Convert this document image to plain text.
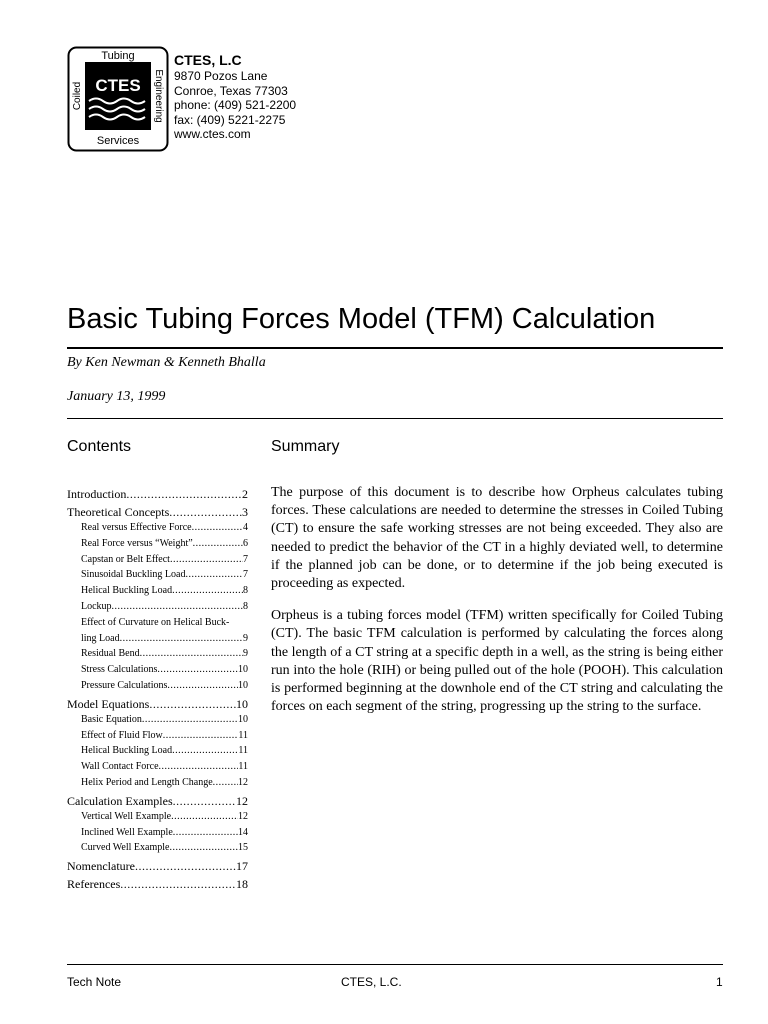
Tubing
Services
CTES
Coiled	Engineering
CTES, L.C
9870 Pozos Lane
Conroe, Texas 77303
phone: (409) 521-2200
fax: (409) 5221-2275
www.ctes.com
Basic Tubing Forces Model (TFM) Calculation
By Ken Newman & Kenneth Bhalla
January 13, 1999
Contents	Summary
Introduction .....	2
Theoretical Concepts .....	3
Real versus Effective Force .....	4
Real Force versus “Weight” .....	6
Capstan or Belt Effect .....	7
Sinusoidal Buckling Load .....	7
Helical Buckling Load .....	8
Lockup .....	8
Effect of Curvature on Helical Buck-
ling Load .....	9
Residual Bend .....	9
Stress Calculations .....	10
Pressure Calculations .....	10
Model Equations .....	10
Basic Equation .....	10
Effect of Fluid Flow .....	11
Helical Buckling Load .....	11
Wall Contact Force .....	11
Helix Period and Length Change .....	12
Calculation Examples .....	12
Vertical Well Example .....	12
Inclined Well Example .....	14
Curved Well Example .....	15
Nomenclature .....	17
References .....	18

The purpose of this document is to describe how Orpheus calculates tubing forces. These calculations are needed to determine the stresses in Coiled Tubing (CT) to ensure the safe working stresses are not being exceeded. They also are needed to predict the behavior of the CT in a highly deviated well, to determine if the planned job can be done, or to determine if the job being executed is proceeding as expected.

Orpheus is a tubing forces model (TFM) written specifically for Coiled Tubing (CT). The basic TFM calculation is performed by calculating the forces along the length of a CT string at a specific depth in a well, as the string is being either run into the hole (RIH) or being pulled out of the hole (POOH). This calculation is performed beginning at the downhole end of the CT string and calculating the forces on each segment of the string, progressing up the string to the surface.

Tech Note	CTES, L.C.	1
